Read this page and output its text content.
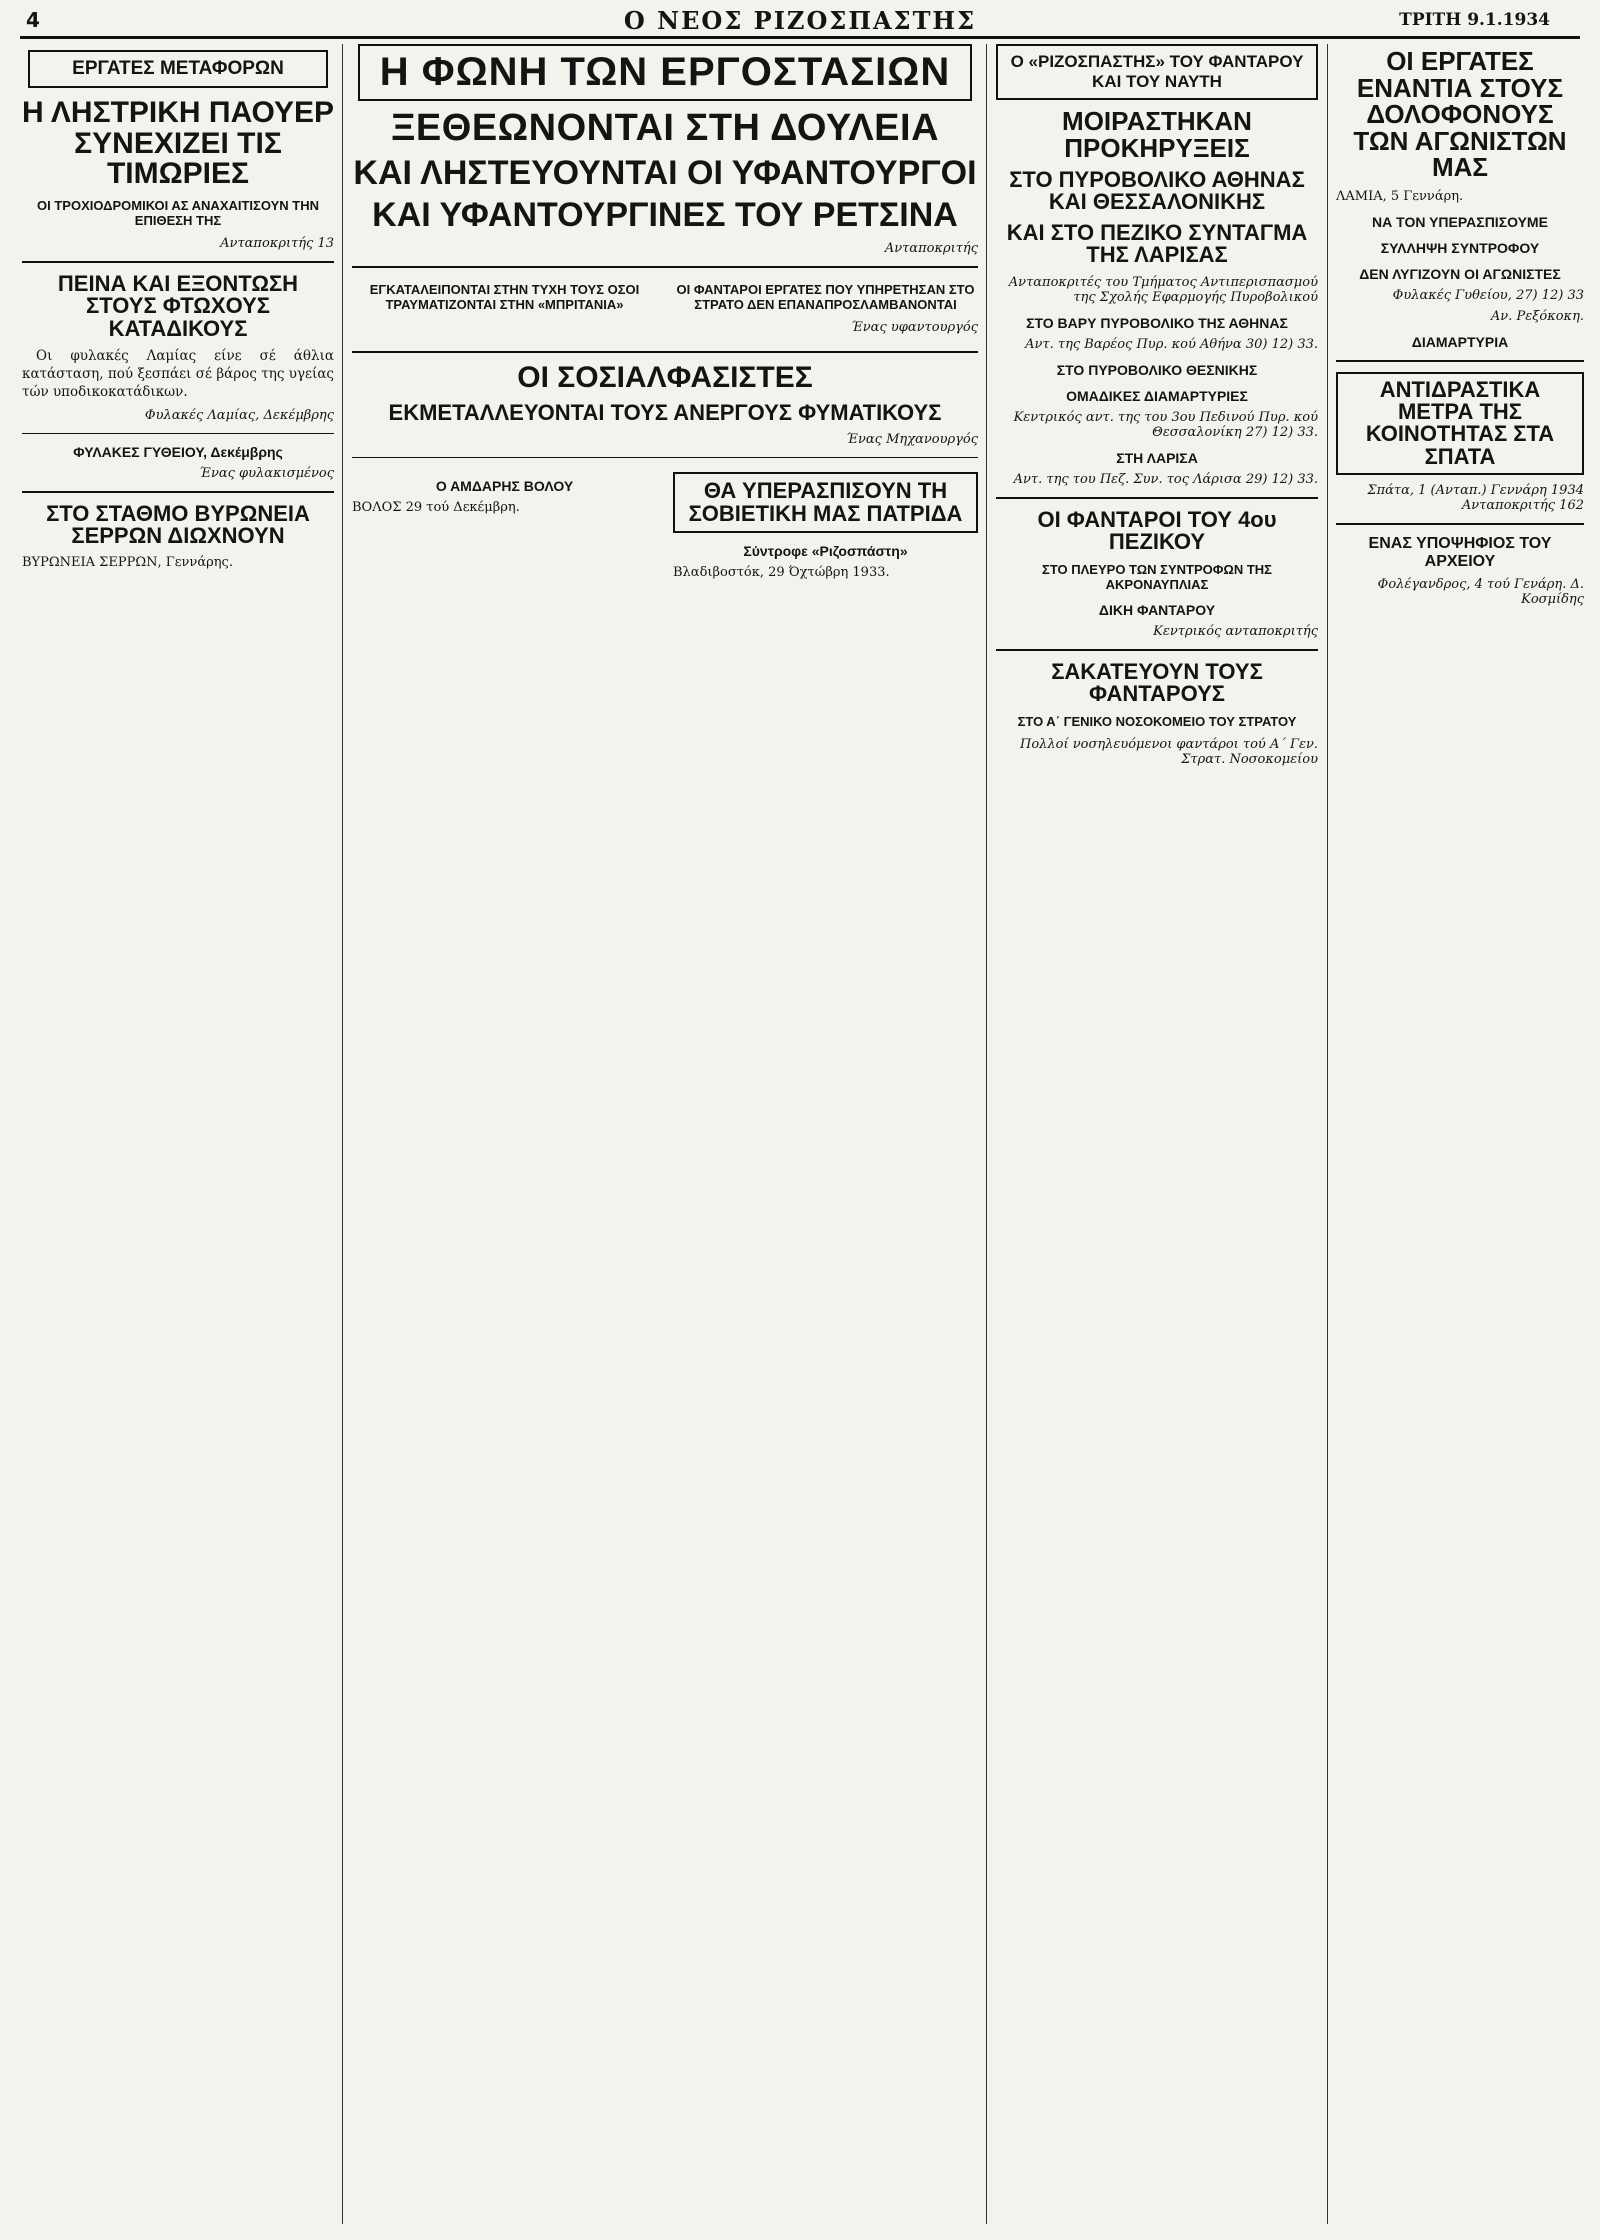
4	Ο ΝΕΟΣ ΡΙΖΟΣΠΑΣΤΗΣ	ΤΡΙΤΗ 9.1.1934
ΕΡΓΑΤΕΣ ΜΕΤΑΦΟΡΩΝ
Η ΛΗΣΤΡΙΚΗ ΠΑΟΥΕΡ ΣΥΝΕΧΙΖΕΙ ΤΙΣ ΤΙΜΩΡΙΕΣ
ΟΙ ΤΡΟΧΙΟΔΡΟΜΙΚΟΙ ΑΣ ΑΝΑΧΑΙΤΙΣΟΥΝ ΤΗΝ ΕΠΙΘΕΣΗ ΤΗΣ
Ανταποκριτής 13
ΠΕΙΝΑ ΚΑΙ ΕΞΟΝΤΩΣΗ ΣΤΟΥΣ ΦΤΩΧΟΥΣ ΚΑΤΑΔΙΚΟΥΣ

Οι φυλακές Λαμίας είνε σέ άθλια κατάσταση, πού ξεσπάει σέ βάρος της υγείας τών υποδικοκατάδικων.

Φυλακές Λαμίας, Δεκέμβρης
ΦΥΛΑΚΕΣ ΓΥΘΕΙΟΥ, Δεκέμβρης
Ένας φυλακισμένος
ΣΤΟ ΣΤΑΘΜΟ ΒΥΡΩΝΕΙΑ ΣΕΡΡΩΝ ΔΙΩΧΝΟΥΝ
ΒΥΡΩΝΕΙΑ ΣΕΡΡΩΝ, Γεννάρης.
Η ΦΩΝΗ ΤΩΝ ΕΡΓΟΣΤΑΣΙΩΝ
ΞΕΘΕΩΝΟΝΤΑΙ ΣΤΗ ΔΟΥΛΕΙΑ
ΚΑΙ ΛΗΣΤΕΥΟΥΝΤΑΙ ΟΙ ΥΦΑΝΤΟΥΡΓΟΙ
ΚΑΙ ΥΦΑΝΤΟΥΡΓΙΝΕΣ ΤΟΥ ΡΕΤΣΙΝΑ
Ανταποκριτής
ΕΓΚΑΤΑΛΕΙΠΟΝΤΑΙ ΣΤΗΝ ΤΥΧΗ ΤΟΥΣ ΟΣΟΙ ΤΡΑΥΜΑΤΙΖΟΝΤΑΙ ΣΤΗΝ «ΜΠΡΙΤΑΝΙΑ»
ΟΙ ΦΑΝΤΑΡΟΙ ΕΡΓΑΤΕΣ ΠΟΥ ΥΠΗΡΕΤΗΣΑΝ ΣΤΟ ΣΤΡΑΤΟ ΔΕΝ ΕΠΑΝΑΠΡΟΣΛΑΜΒΑΝΟΝΤΑΙ
Ένας υφαντουργός
ΟΙ ΣΟΣΙΑΛΦΑΣΙΣΤΕΣ
ΕΚΜΕΤΑΛΛΕΥΟΝΤΑΙ ΤΟΥΣ ΑΝΕΡΓΟΥΣ ΦΥΜΑΤΙΚΟΥΣ
Ένας Μηχανουργός
Ο ΑΜΔΑΡΗΣ ΒΟΛΟΥ
ΒΟΛΟΣ 29 τού Δεκέμβρη.
ΘΑ ΥΠΕΡΑΣΠΙΣΟΥΝ ΤΗ ΣΟΒΙΕΤΙΚΗ ΜΑΣ ΠΑΤΡΙΔΑ
Σύντροφε «Ριζοσπάστη»
Βλαδιβοστόκ, 29 Όχτώβρη 1933.
Ο «ΡΙΖΟΣΠΑΣΤΗΣ» ΤΟΥ ΦΑΝΤΑΡΟΥ ΚΑΙ ΤΟΥ ΝΑΥΤΗ
ΜΟΙΡΑΣΤΗΚΑΝ ΠΡΟΚΗΡΥΞΕΙΣ
ΣΤΟ ΠΥΡΟΒΟΛΙΚΟ ΑΘΗΝΑΣ ΚΑΙ ΘΕΣΣΑΛΟΝΙΚΗΣ
ΚΑΙ ΣΤΟ ΠΕΖΙΚΟ ΣΥΝΤΑΓΜΑ ΤΗΣ ΛΑΡΙΣΑΣ
Ανταποκριτές του Τμήματος Αντιπερισπασμού της Σχολής Εφαρμογής Πυροβολικού
ΣΤΟ ΒΑΡΥ ΠΥΡΟΒΟΛΙΚΟ ΤΗΣ ΑΘΗΝΑΣ
Αντ. της Βαρέος Πυρ. κού Αθήνα 30) 12) 33.
ΣΤΟ ΠΥΡΟΒΟΛΙΚΟ ΘΕΣΝΙΚΗΣ
ΟΜΑΔΙΚΕΣ ΔΙΑΜΑΡΤΥΡΙΕΣ
Κεντρικός αντ. της του 3ου Πεδινού Πυρ. κού Θεσσαλονίκη 27) 12) 33.
ΣΤΗ ΛΑΡΙΣΑ
Αντ. της του Πεζ. Συν. τος Λάρισα 29) 12) 33.
ΟΙ ΦΑΝΤΑΡΟΙ ΤΟΥ 4ου ΠΕΖΙΚΟΥ
ΣΤΟ ΠΛΕΥΡΟ ΤΩΝ ΣΥΝΤΡΟΦΩΝ ΤΗΣ ΑΚΡΟΝΑΥΠΛΙΑΣ
ΔΙΚΗ ΦΑΝΤΑΡΟΥ
Κεντρικός ανταποκριτής
ΣΑΚΑΤΕΥΟΥΝ ΤΟΥΣ ΦΑΝΤΑΡΟΥΣ
ΣΤΟ Α΄ ΓΕΝΙΚΟ ΝΟΣΟΚΟΜΕΙΟ ΤΟΥ ΣΤΡΑΤΟΥ
Πολλοί νοσηλευόμενοι φαντάροι τού Α΄ Γεν. Στρατ. Νοσοκομείου
ΟΙ ΕΡΓΑΤΕΣ ΕΝΑΝΤΙΑ ΣΤΟΥΣ ΔΟΛΟΦΟΝΟΥΣ ΤΩΝ ΑΓΩΝΙΣΤΩΝ ΜΑΣ
ΛΑΜΙΑ, 5 Γεννάρη.
ΝΑ ΤΟΝ ΥΠΕΡΑΣΠΙΣΟΥΜΕ
ΣΥΛΛΗΨΗ ΣΥΝΤΡΟΦΟΥ
ΔΕΝ ΛΥΓΙΖΟΥΝ ΟΙ ΑΓΩΝΙΣΤΕΣ
Φυλακές Γυθείου, 27) 12) 33
Αν. Ρεξόκοκη.
ΔΙΑΜΑΡΤΥΡΙΑ
ΑΝΤΙΔΡΑΣΤΙΚΑ ΜΕΤΡΑ ΤΗΣ ΚΟΙΝΟΤΗΤΑΣ ΣΤΑ ΣΠΑΤΑ
Σπάτα, 1 (Ανταπ.) Γεννάρη 1934 Ανταποκριτής 162
ΕΝΑΣ ΥΠΟΨΗΦΙΟΣ ΤΟΥ ΑΡΧΕΙΟΥ
Φολέγανδρος, 4 τού Γενάρη. Δ. Κοσμίδης
